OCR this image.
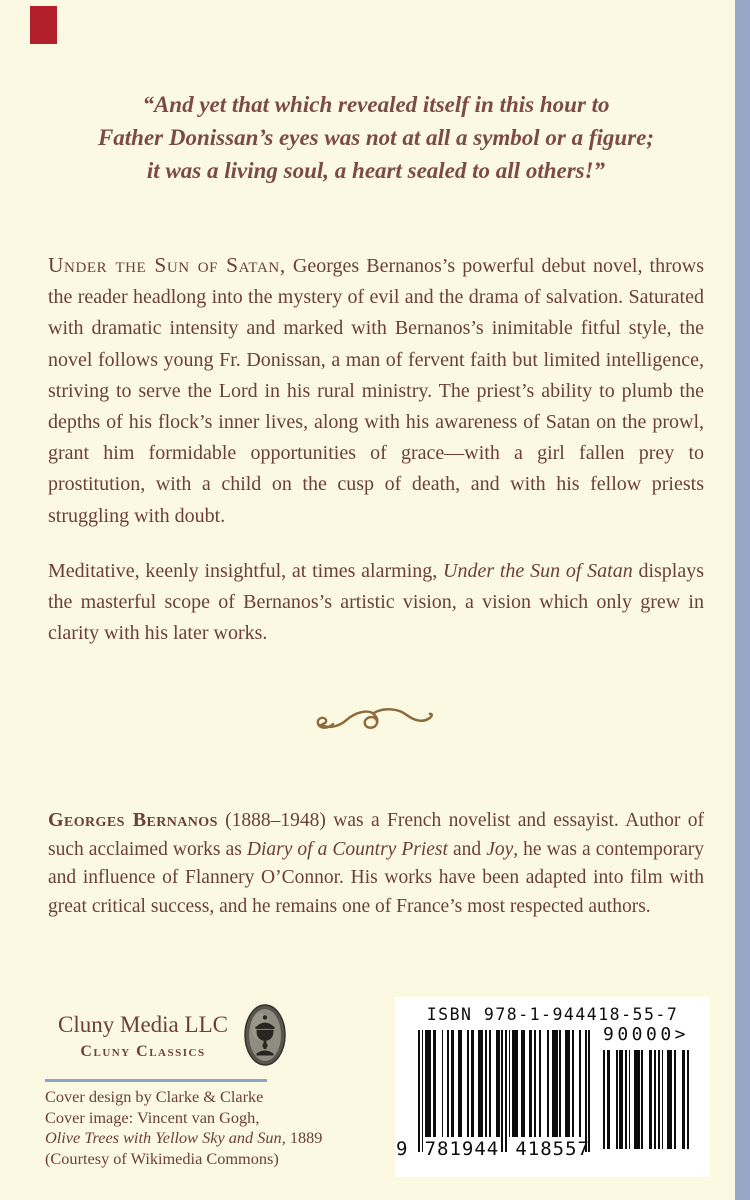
“And yet that which revealed itself in this hour to
Father Donissan’s eyes was not at all a symbol or a figure;
it was a living soul, a heart sealed to all others!”

Under the Sun of Satan, Georges Bernanos’s powerful debut novel, throws the reader headlong into the mystery of evil and the drama of salvation. Saturated with dramatic intensity and marked with Bernanos’s inimitable fitful style, the novel follows young Fr. Donissan, a man of fervent faith but limited intelligence, striving to serve the Lord in his rural ministry. The priest’s ability to plumb the depths of his flock’s inner lives, along with his awareness of Satan on the prowl, grant him formidable opportunities of grace—with a girl fallen prey to prostitution, with a child on the cusp of death, and with his fellow priests struggling with doubt.

Meditative, keenly insightful, at times alarming, Under the Sun of Satan displays the masterful scope of Bernanos’s artistic vision, a vision which only grew in clarity with his later works.

Georges Bernanos (1888–1948) was a French novelist and essayist. Author of such acclaimed works as Diary of a Country Priest and Joy, he was a contemporary and influence of Flannery O’Connor. His works have been adapted into film with great critical success, and he remains one of France’s most respected authors.

Cluny Media LLC
Cluny Classics
Cover design by Clarke & Clarke
Cover image: Vincent van Gogh,
Olive Trees with Yellow Sky and Sun, 1889
(Courtesy of Wikimedia Commons)
ISBN 978-1-944418-55-7
90000>
9 781944 418557
